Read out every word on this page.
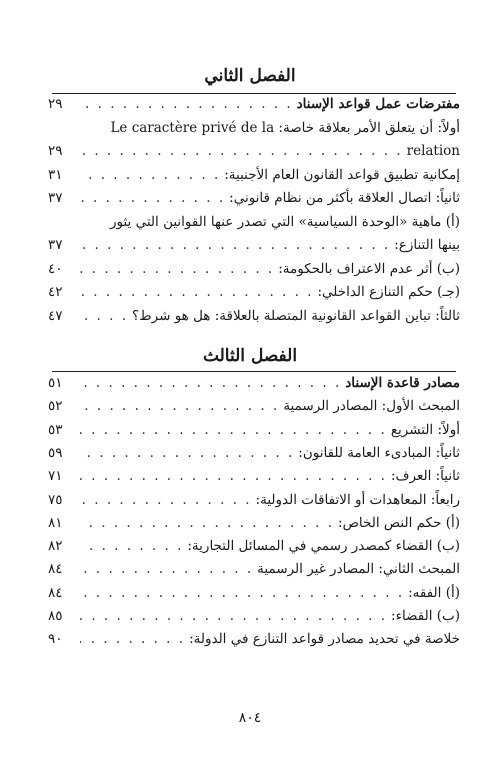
الفصل الثاني
مفترضات عمل قواعد الإسناد
. . .
٢٩
أولاً: أن يتعلق الأمر بعلاقة خاصة: Le caractère privé de la
relation
. . .
٢٩
إمكانية تطبيق قواعد القانون العام الأجنبية:
. . .
٣١
ثانياً: اتصال العلاقة بأكثر من نظام قانوني:
. . .
٣٧
(أ) ماهية «الوحدة السياسية» التي تصدر عنها القوانين التي يثور
بينها التنازع:
. . .
٣٧
(ب) أثر عدم الاعتراف بالحكومة:
. . .
٤٠
(جـ) حكم التنازع الداخلي:
. . .
٤٢
ثالثاً: تباين القواعد القانونية المتصلة بالعلاقة: هل هو شرط؟
. . .
٤٧
الفصل الثالث
مصادر قاعدة الإسناد
. . .
٥١
المبحث الأول: المصادر الرسمية
. . .
٥٢
أولاً: التشريع
. . .
٥٣
ثانياً: المبادىء العامة للقانون:
. . .
٥٩
ثانياً: العرف:
. . .
٧١
رابعاً: المعاهدات أو الاتفاقات الدولية:
. . .
٧٥
(أ) حكم النص الخاص:
. . .
٨١
(ب) القضاء كمصدر رسمي في المسائل التجارية:
. . .
٨٢
المبحث الثاني: المصادر غير الرسمية
. . .
٨٤
(أ) الفقه:
. . .
٨٤
(ب) القضاء:
. . .
٨٥
خلاصة في تحديد مصادر قواعد التنازع في الدولة:
. . .
٩٠
٨٠٤
